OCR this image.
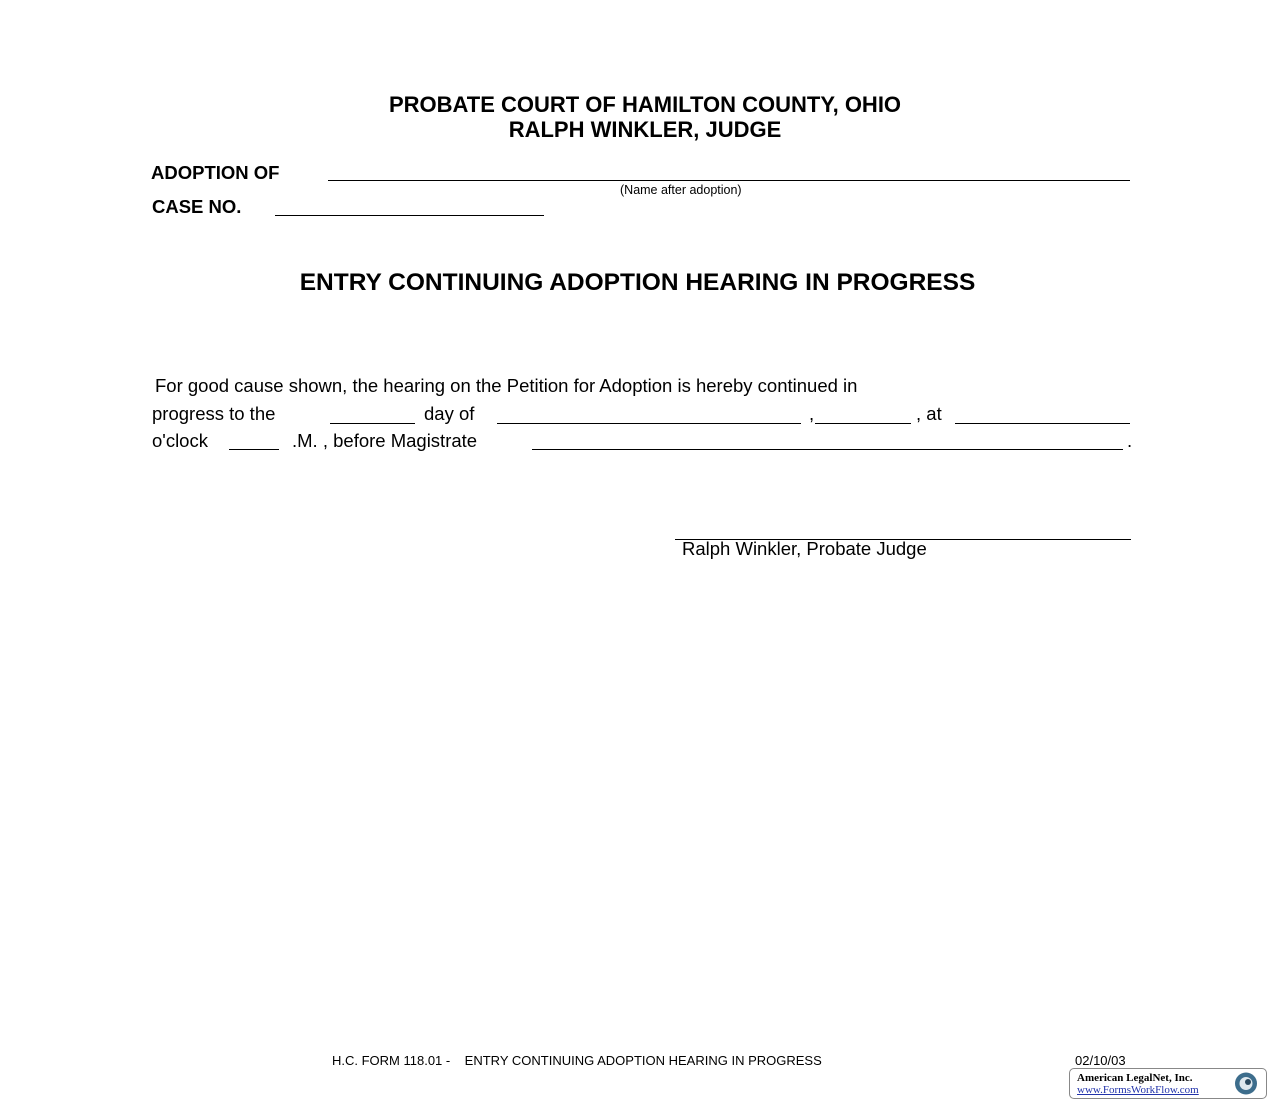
PROBATE COURT OF HAMILTON COUNTY, OHIO
RALPH WINKLER, JUDGE
ADOPTION OF
(Name after adoption)
CASE NO.
ENTRY CONTINUING ADOPTION HEARING IN PROGRESS
For good cause shown, the hearing on the Petition for Adoption is hereby continued in
progress to the	day of	,	, at
o'clock	.M. , before Magistrate	.
Ralph Winkler, Probate Judge
H.C. FORM 118.01 -    ENTRY CONTINUING ADOPTION HEARING IN PROGRESS	02/10/03
American LegalNet, Inc.
www.FormsWorkFlow.com
